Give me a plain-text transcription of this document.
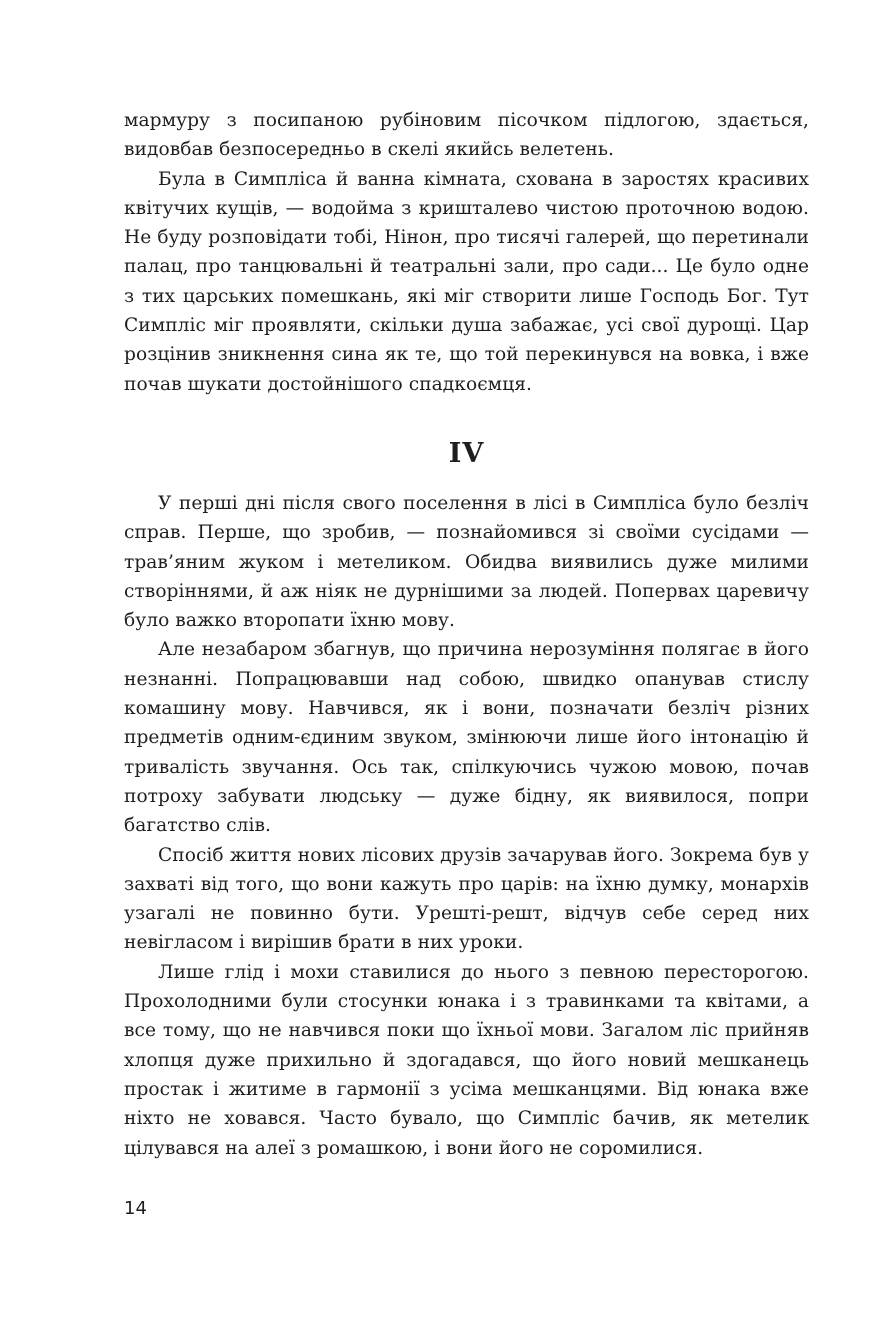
мармуру з посипаною рубіновим пісочком підлогою, здається, видовбав безпосередньо в скелі якийсь велетень.

Була в Симпліса й ванна кімната, схована в заростях красивих квітучих кущів, — водойма з кришталево чистою проточною водою. Не буду розповідати тобі, Нінон, про тисячі галерей, що перетинали палац, про танцювальні й театральні зали, про сади... Це було одне з тих царських помешкань, які міг створити лише Господь Бог. Тут Симпліс міг проявляти, скільки душа забажає, усі свої дурощі. Цар розцінив зникнення сина як те, що той перекинувся на вовка, і вже почав шукати достойнішого спадкоємця.

IV

У перші дні після свого поселення в лісі в Симпліса було безліч справ. Перше, що зробив, — познайомився зі своїми сусідами — трав’яним жуком і метеликом. Обидва виявились дуже милими створіннями, й аж ніяк не дурнішими за людей. Поперваx царевичу було важко второпати їхню мову.

Але незабаром збагнув, що причина нерозуміння полягає в його незнанні. Попрацювавши над собою, швидко опанував стислу комашину мову. Навчився, як і вони, позначати безліч різних предметів одним-єдиним звуком, змінюючи лише його інтонацію й тривалість звучання. Ось так, спілкуючись чужою мовою, почав потроху забувати людську — дуже бідну, як виявилося, попри багатство слів.

Спосіб життя нових лісових друзів зачарував його. Зокрема був у захваті від того, що вони кажуть про царів: на їхню думку, монархів узагалі не повинно бути. Урешті-решт, відчув себе серед них невігласом і вирішив брати в них уроки.

Лише глід і мохи ставилися до нього з певною пересторогою. Прохолодними були стосунки юнака і з травинками та квітами, а все тому, що не навчився поки що їхньої мови. Загалом ліс прийняв хлопця дуже прихильно й здогадався, що його новий мешканець простак і житиме в гармонії з усіма мешканцями. Від юнака вже ніхто не ховався. Часто бувало, що Симпліс бачив, як метелик цілувався на алеї з ромашкою, і вони його не соромилися.

14
